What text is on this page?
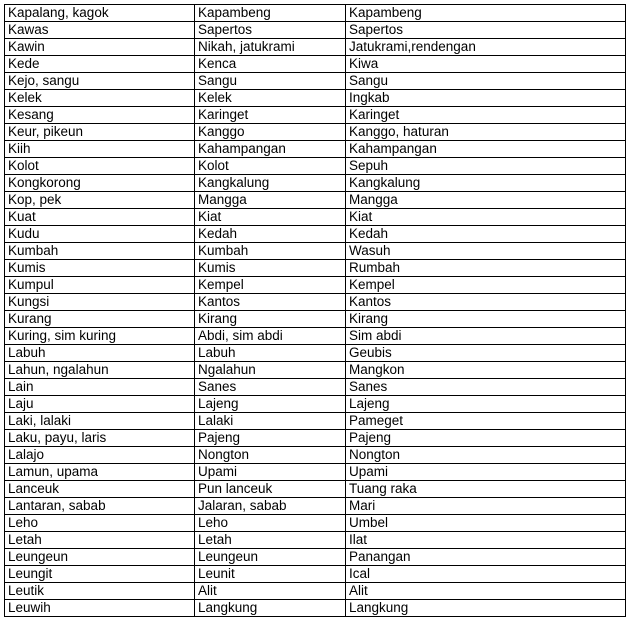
Kapalang, kagok	Kapambeng	Kapambeng
Kawas	Sapertos	Sapertos
Kawin	Nikah, jatukrami	Jatukrami,rendengan
Kede	Kenca	Kiwa
Kejo, sangu	Sangu	Sangu
Kelek	Kelek	Ingkab
Kesang	Karinget	Karinget
Keur, pikeun	Kanggo	Kanggo, haturan
Kiih	Kahampangan	Kahampangan
Kolot	Kolot	Sepuh
Kongkorong	Kangkalung	Kangkalung
Kop, pek	Mangga	Mangga
Kuat	Kiat	Kiat
Kudu	Kedah	Kedah
Kumbah	Kumbah	Wasuh
Kumis	Kumis	Rumbah
Kumpul	Kempel	Kempel
Kungsi	Kantos	Kantos
Kurang	Kirang	Kirang
Kuring, sim kuring	Abdi, sim abdi	Sim abdi
Labuh	Labuh	Geubis
Lahun, ngalahun	Ngalahun	Mangkon
Lain	Sanes	Sanes
Laju	Lajeng	Lajeng
Laki, lalaki	Lalaki	Pameget
Laku, payu, laris	Pajeng	Pajeng
Lalajo	Nongton	Nongton
Lamun, upama	Upami	Upami
Lanceuk	Pun lanceuk	Tuang raka
Lantaran, sabab	Jalaran, sabab	Mari
Leho	Leho	Umbel
Letah	Letah	Ilat
Leungeun	Leungeun	Panangan
Leungit	Leunit	Ical
Leutik	Alit	Alit
Leuwih	Langkung	Langkung
